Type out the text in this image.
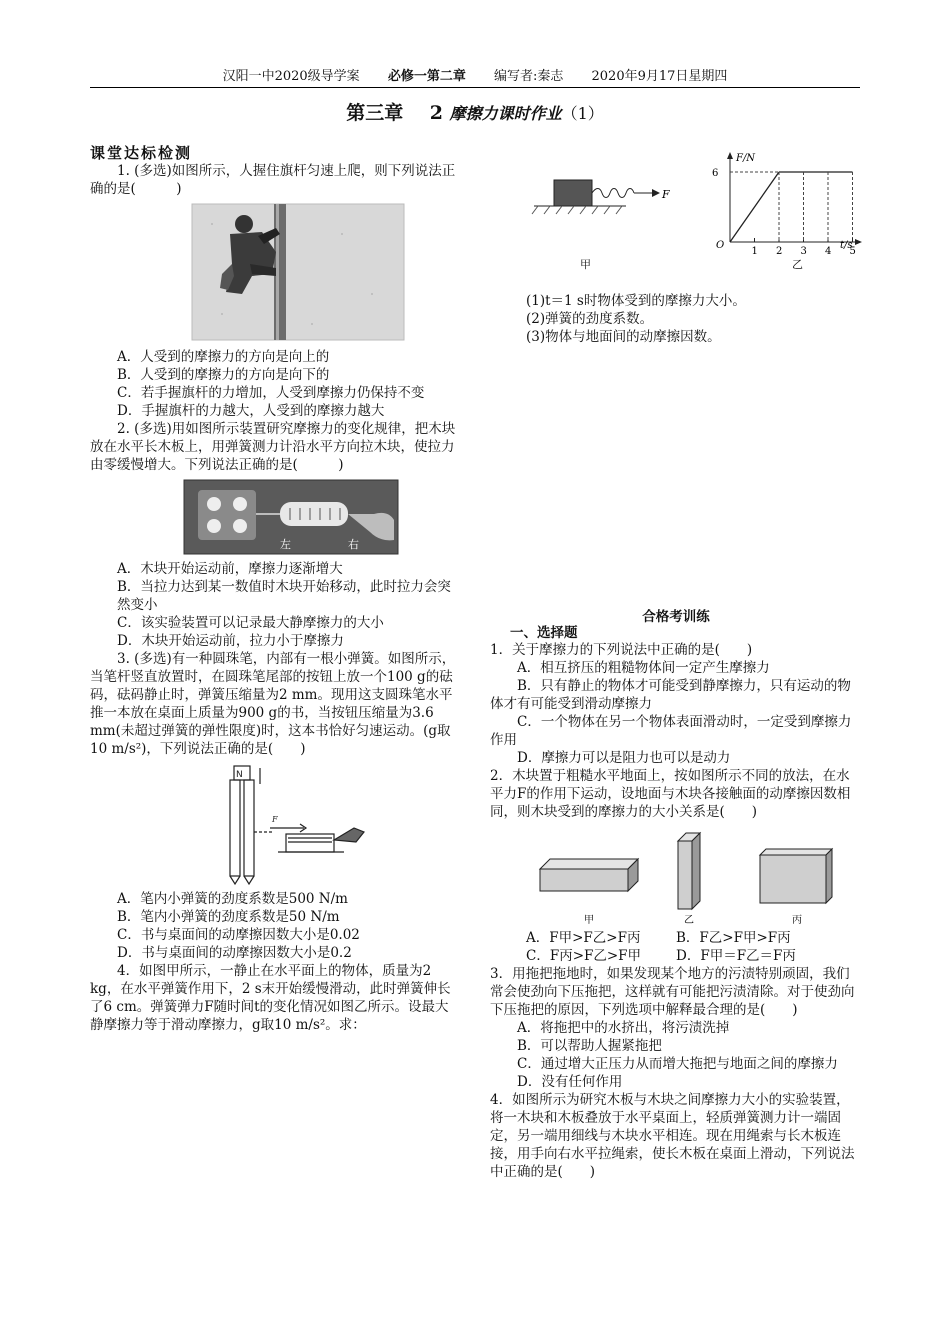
汉阳一中2020级导学案 必修一第二章 编写者:秦志 2020年9月17日星期四
第三章 2 摩擦力课时作业（1）

课堂达标检测

1. (多选)如图所示，人握住旗杆匀速上爬，则下列说法正确的是(　　　)

A．人受到的摩擦力的方向是向上的

B．人受到的摩擦力的方向是向下的

C．若手握旗杆的力增加，人受到摩擦力仍保持不变

D．手握旗杆的力越大，人受到的摩擦力越大

2. (多选)用如图所示装置研究摩擦力的变化规律，把木块放在水平长木板上，用弹簧测力计沿水平方向拉木块，使拉力由零缓慢增大。下列说法正确的是(　　　)

左	右

A．木块开始运动前，摩擦力逐渐增大

B．当拉力达到某一数值时木块开始移动，此时拉力会突然变小

C．该实验装置可以记录最大静摩擦力的大小

D．木块开始运动前，拉力小于摩擦力

3. (多选)有一种圆珠笔，内部有一根小弹簧。如图所示，当笔杆竖直放置时，在圆珠笔尾部的按钮上放一个100 g的砝码，砝码静止时，弹簧压缩量为2 mm。现用这支圆珠笔水平推一本放在桌面上质量为900 g的书，当按钮压缩量为3.6 mm(未超过弹簧的弹性限度)时，这本书恰好匀速运动。(g取10 m/s²)，下列说法正确的是(　　)

N
F

A．笔内小弹簧的劲度系数是500 N/m

B．笔内小弹簧的劲度系数是50 N/m

C．书与桌面间的动摩擦因数大小是0.02

D．书与桌面间的动摩擦因数大小是0.2

4．如图甲所示，一静止在水平面上的物体，质量为2 kg，在水平弹簧作用下，2 s末开始缓慢滑动，此时弹簧伸长了6 cm。弹簧弹力F随时间t的变化情况如图乙所示。设最大静摩擦力等于滑动摩擦力，g取10 m/s²。求：

F
甲
1 2 3 4 5
F/N
6
O	t/s
乙

(1)t＝1 s时物体受到的摩擦力大小。

(2)弹簧的劲度系数。

(3)物体与地面间的动摩擦因数。

合格考训练

一、选择题

1．关于摩擦力的下列说法中正确的是(　　)

A．相互挤压的粗糙物体间一定产生摩擦力

B．只有静止的物体才可能受到静摩擦力，只有运动的物体才有可能受到滑动摩擦力

C．一个物体在另一个物体表面滑动时，一定受到摩擦力作用

D．摩擦力可以是阻力也可以是动力

2．木块置于粗糙水平地面上，按如图所示不同的放法，在水平力F的作用下运动，设地面与木块各接触面的动摩擦因数相同，则木块受到的摩擦力的大小关系是(　　)

甲	乙	丙
A．F甲>F乙>F丙	B．F乙>F甲>F丙
C．F丙>F乙>F甲	D．F甲＝F乙＝F丙

3．用拖把拖地时，如果发现某个地方的污渍特别顽固，我们常会使劲向下压拖把，这样就有可能把污渍清除。对于使劲向下压拖把的原因，下列选项中解释最合理的是(　　)

A．将拖把中的水挤出，将污渍洗掉

B．可以帮助人握紧拖把

C．通过增大正压力从而增大拖把与地面之间的摩擦力

D．没有任何作用

4．如图所示为研究木板与木块之间摩擦力大小的实验装置，将一木块和木板叠放于水平桌面上，轻质弹簧测力计一端固定，另一端用细线与木块水平相连。现在用绳索与长木板连接，用手向右水平拉绳索，使长木板在桌面上滑动，下列说法中正确的是(　　)
